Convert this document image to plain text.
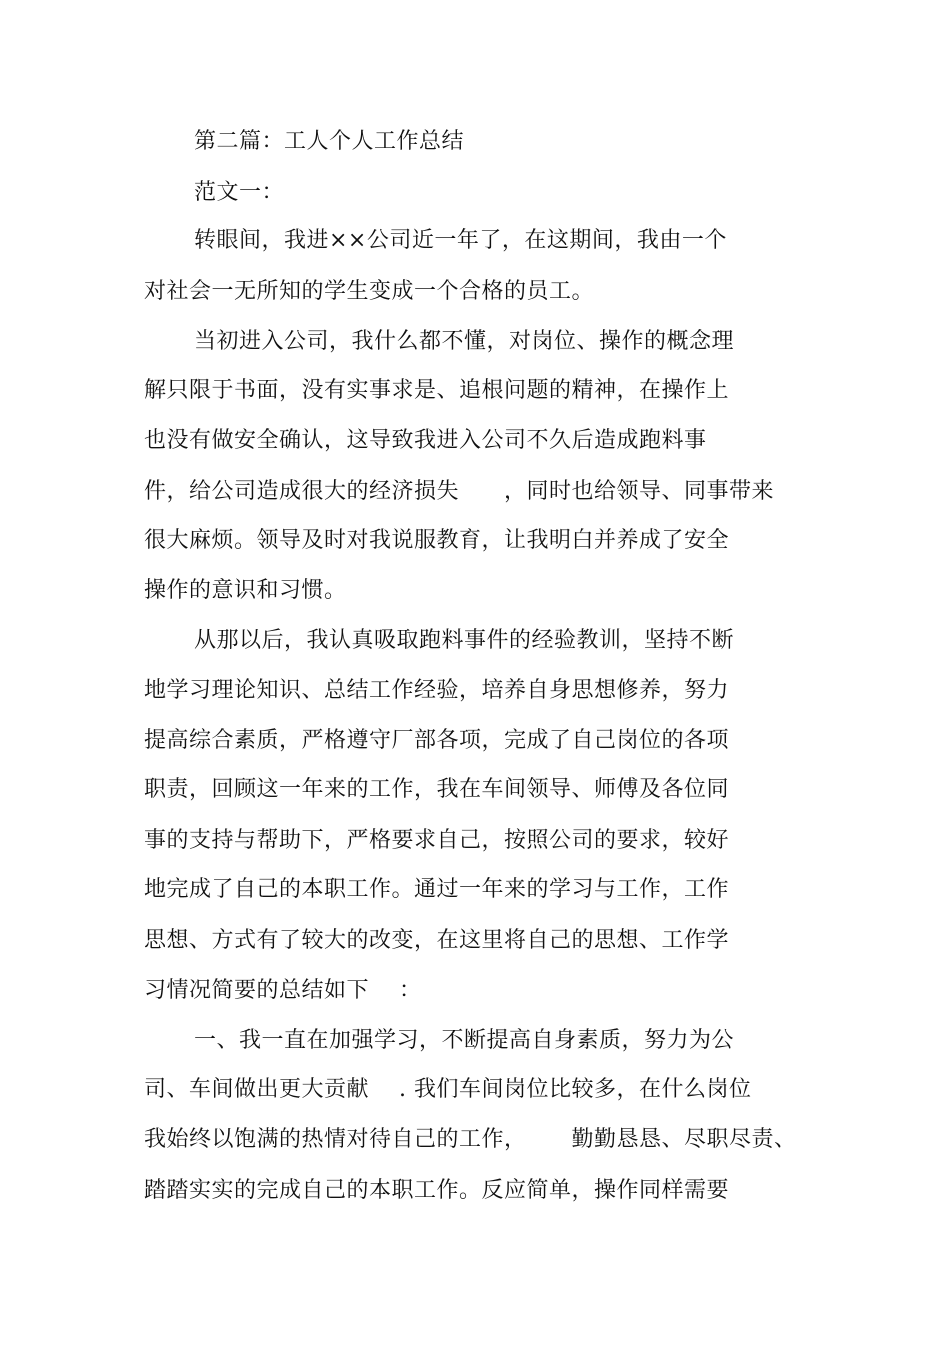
第二篇：工人个人工作总结
范文一：
转眼间，我进××公司近一年了，在这期间，我由一个
对社会一无所知的学生变成一个合格的员工。
当初进入公司，我什么都不懂，对岗位、操作的概念理
解只限于书面，没有实事求是、追根问题的精神，在操作上
也没有做安全确认，这导致我进入公司不久后造成跑料事
件，给公司造成很大的经济损失      ，同时也给领导、同事带来
很大麻烦。领导及时对我说服教育，让我明白并养成了安全
操作的意识和习惯。
从那以后，我认真吸取跑料事件的经验教训，坚持不断
地学习理论知识、总结工作经验，培养自身思想修养，努力
提高综合素质，严格遵守厂部各项，完成了自己岗位的各项
职责，回顾这一年来的工作，我在车间领导、师傅及各位同
事的支持与帮助下，严格要求自己，按照公司的要求，较好
地完成了自己的本职工作。通过一年来的学习与工作，工作
思想、方式有了较大的改变，在这里将自己的思想、工作学
习情况简要的总结如下    ：
一、我一直在加强学习，不断提高自身素质，努力为公
司、车间做出更大贡献    . 我们车间岗位比较多，在什么岗位
我始终以饱满的热情对待自己的工作，      勤勤恳恳、尽职尽责、
踏踏实实的完成自己的本职工作。反应简单，操作同样需要
